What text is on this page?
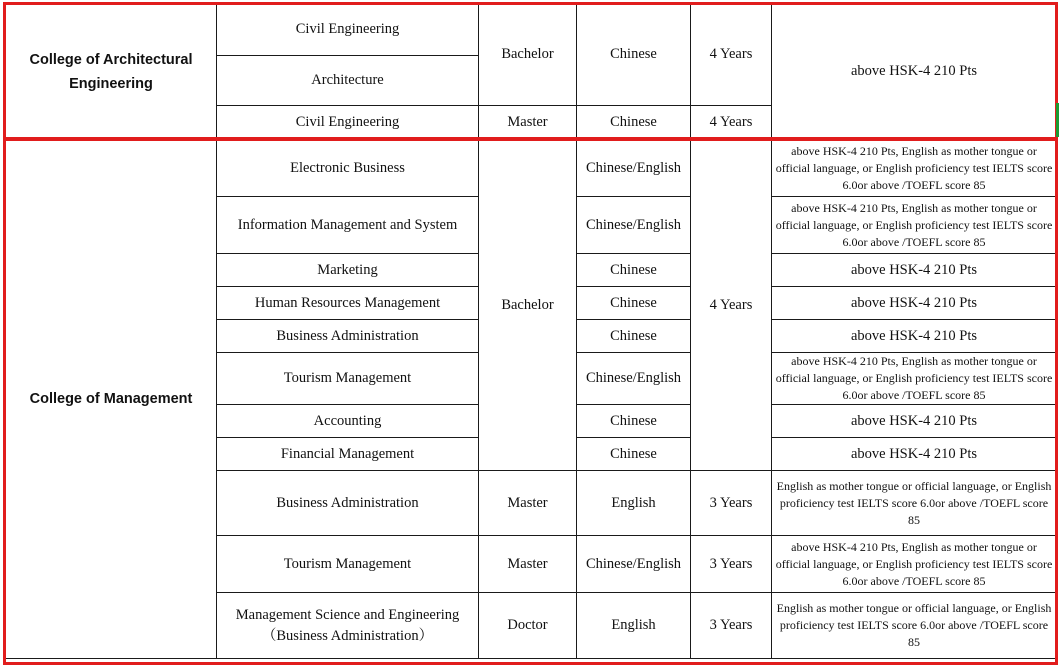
College of Architectural Engineering	Civil Engineering	Bachelor	Chinese	4 Years	above HSK-4 210 Pts
	Architecture				
	Civil Engineering	Master	Chinese	4 Years	
College of Management	Electronic Business	Bachelor	Chinese/English	4 Years	above HSK-4 210 Pts, English as mother tongue or official language, or English proficiency test IELTS score 6.0or above /TOEFL score 85
	Information Management and System		Chinese/English		above HSK-4 210 Pts, English as mother tongue or official language, or English proficiency test IELTS score 6.0or above /TOEFL score 85
	Marketing		Chinese		above HSK-4 210 Pts
	Human Resources Management		Chinese		above HSK-4 210 Pts
	Business Administration		Chinese		above HSK-4 210 Pts
	Tourism Management		Chinese/English		above HSK-4 210 Pts, English as mother tongue or official language, or English proficiency test IELTS score 6.0or above /TOEFL score 85
	Accounting		Chinese		above HSK-4 210 Pts
	Financial Management		Chinese		above HSK-4 210 Pts
	Business Administration	Master	English	3 Years	English as mother tongue or official language, or English proficiency test IELTS score 6.0or above /TOEFL score 85
	Tourism Management	Master	Chinese/English	3 Years	above HSK-4 210 Pts, English as mother tongue or official language, or English proficiency test IELTS score 6.0or above /TOEFL score 85
	Management Science and Engineering（Business Administration）	Doctor	English	3 Years	English as mother tongue or official language, or English proficiency test IELTS score 6.0or above /TOEFL score 85
